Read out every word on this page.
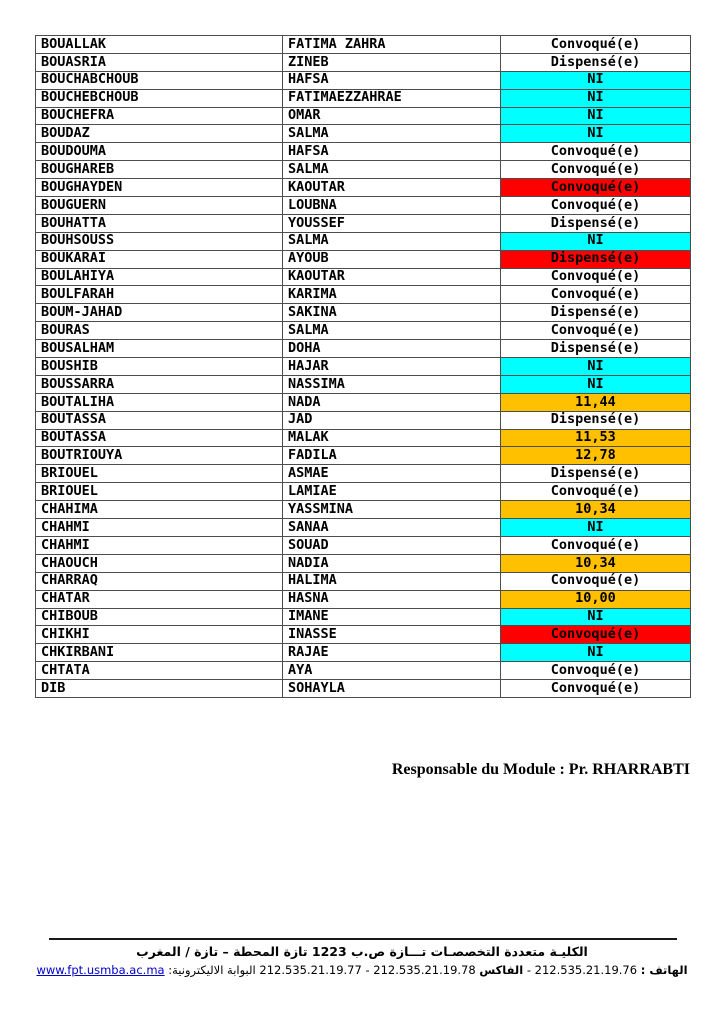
BOUALLAK	FATIMA ZAHRA	Convoqué(e)
BOUASRIA	ZINEB	Dispensé(e)
BOUCHABCHOUB	HAFSA	NI
BOUCHEBCHOUB	FATIMAEZZAHRAE	NI
BOUCHEFRA	OMAR	NI
BOUDAZ	SALMA	NI
BOUDOUMA	HAFSA	Convoqué(e)
BOUGHAREB	SALMA	Convoqué(e)
BOUGHAYDEN	KAOUTAR	Convoqué(e)
BOUGUERN	LOUBNA	Convoqué(e)
BOUHATTA	YOUSSEF	Dispensé(e)
BOUHSOUSS	SALMA	NI
BOUKARAI	AYOUB	Dispensé(e)
BOULAHIYA	KAOUTAR	Convoqué(e)
BOULFARAH	KARIMA	Convoqué(e)
BOUM-JAHAD	SAKINA	Dispensé(e)
BOURAS	SALMA	Convoqué(e)
BOUSALHAM	DOHA	Dispensé(e)
BOUSHIB	HAJAR	NI
BOUSSARRA	NASSIMA	NI
BOUTALIHA	NADA	11,44
BOUTASSA	JAD	Dispensé(e)
BOUTASSA	MALAK	11,53
BOUTRIOUYA	FADILA	12,78
BRIOUEL	ASMAE	Dispensé(e)
BRIOUEL	LAMIAE	Convoqué(e)
CHAHIMA	YASSMINA	10,34
CHAHMI	SANAA	NI
CHAHMI	SOUAD	Convoqué(e)
CHAOUCH	NADIA	10,34
CHARRAQ	HALIMA	Convoqué(e)
CHATAR	HASNA	10,00
CHIBOUB	IMANE	NI
CHIKHI	INASSE	Convoqué(e)
CHKIRBANI	RAJAE	NI
CHTATA	AYA	Convoqué(e)
DIB	SOHAYLA	Convoqué(e)
Responsable du Module : Pr. RHARRABTI
الكليـة متعددة التخصصـات تـــازة ص.ب 1223 تازة المحطة – تازة / المغرب
الهاتف : 212.535.21.19.76 - الفاكس 212.535.21.19.77 - 212.535.21.19.78 البوابة الاليكترونية: www.fpt.usmba.ac.ma
